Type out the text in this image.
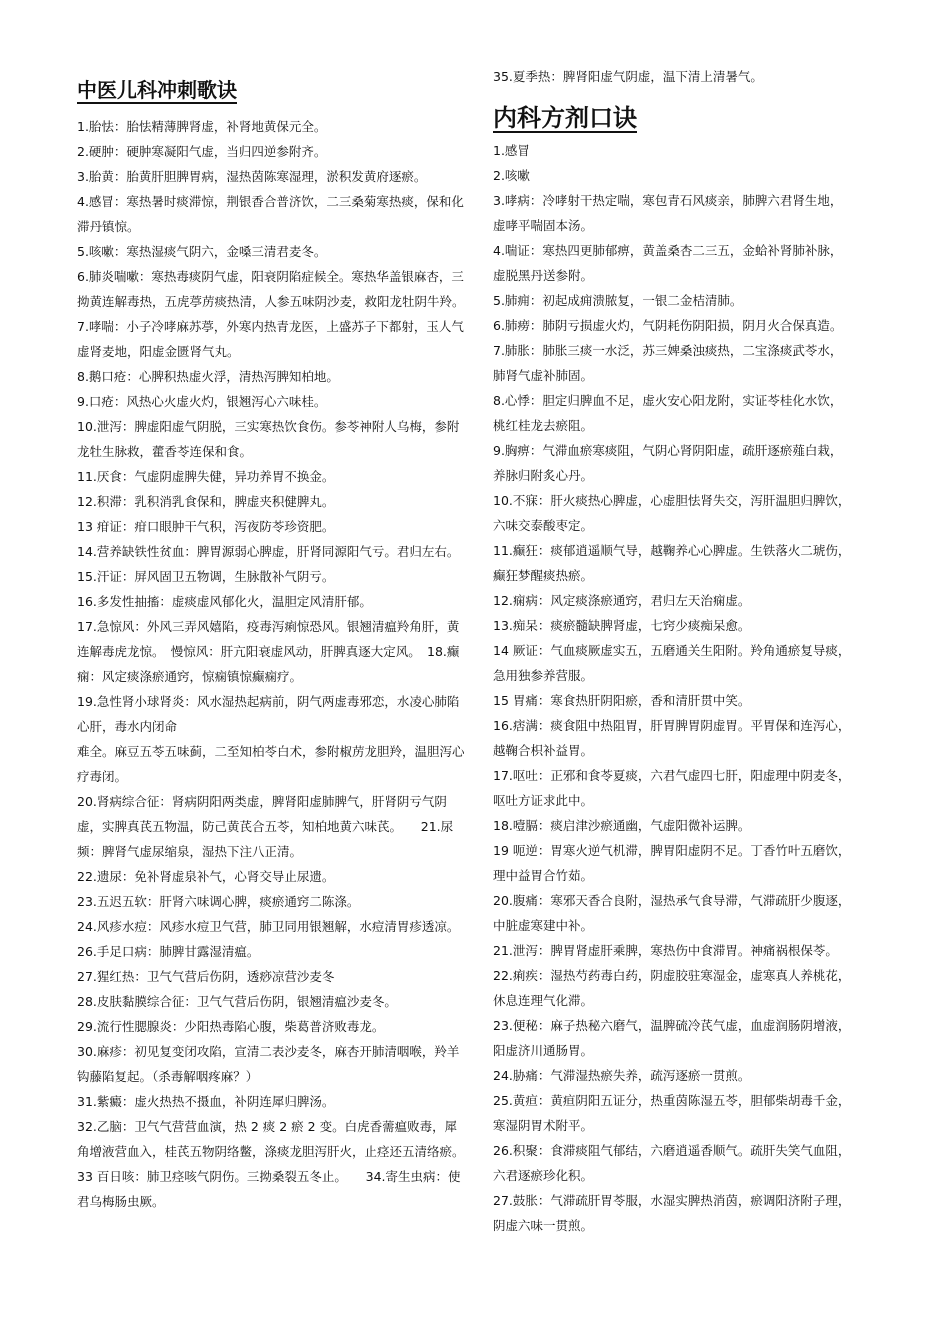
中医儿科冲刺歌诀

1.胎怯：胎怯精薄脾肾虚，补肾地黄保元全。

2.硬肿：硬肿寒凝阳气虚，当归四逆参附齐。

3.胎黄：胎黄肝胆脾胃病，湿热茵陈寒湿理，淤积发黄府逐瘀。

4.感冒：寒热暑时痰滞惊，荆银香合普济饮，二三桑菊寒热痰，保和化滞丹镇惊。

5.咳嗽：寒热湿痰气阴六，金嗓三清君麦冬。

6.肺炎喘嗽：寒热毒痰阴气虚，阳衰阴陷症候全。寒热华盖银麻杏，三拗黄连解毒热，五虎葶苈痰热清，人参五味阴沙麦，救阳龙牡阴牛羚。

7.哮喘：小子冷哮麻苏葶，外寒内热青龙医，上盛苏子下都射，玉人气虚肾麦地，阳虚金匮肾气丸。

8.鹅口疮：心脾积热虚火浮，清热泻脾知柏地。

9.口疮：风热心火虚火灼，银翘泻心六味桂。

10.泄泻：脾虚阳虚气阴脱，三实寒热饮食伤。参苓神附人乌梅，参附龙牡生脉救，藿香苓连保和食。

11.厌食：气虚阴虚脾失健，异功养胃不换金。

12.积滞：乳积消乳食保和，脾虚夹积健脾丸。

13 疳证：疳口眼肿干气积，泻夜防苓珍资肥。

14.营养缺铁性贫血：脾胃源弱心脾虚，肝肾同源阳气亏。君归左右。　　15.汗证：屏风固卫五物调，生脉散补气阴亏。

16.多发性抽搐：虚痰虚风郁化火，温胆定风清肝郁。

17.急惊风：外风三弄风嬉陷，疫毒泻痢惊恐风。银翘清瘟羚角肝，黄连解毒虎龙惊。　慢惊风：肝亢阳衰虚风动，肝脾真逐大定风。　18.癫痫：风定痰涤瘀通窍，惊痫镇惊癫痫疗。

19.急性肾小球肾炎：风水湿热起病前，阴气两虚毒邪恋，水凌心肺陷心肝，毒水内闭命

难全。麻豆五苓五味蓟，二至知柏苓白术，参附椒苈龙胆羚，温胆泻心疗毒闭。

20.肾病综合征：肾病阴阳两类虚，脾肾阳虚肺脾气，肝肾阴亏气阴虚，实脾真芪五物温，防己黄芪合五苓，知柏地黄六味芪。　　21.尿频：脾肾气虚尿缩泉，湿热下注八正清。

22.遗尿：免补肾虚泉补气，心肾交导止尿遗。

23.五迟五软：肝肾六味调心脾，痰瘀通窍二陈涤。

24.风疹水痘：风疹水痘卫气营，肺卫同用银翘解，水痘清胃疹透凉。　　26.手足口病：肺脾甘露湿清瘟。

27.猩红热：卫气气营后伤阴，透痧凉营沙麦冬

28.皮肤黏膜综合征：卫气气营后伤阴，银翘清瘟沙麦冬。

29.流行性腮腺炎：少阳热毒陷心腹，柴葛普济败毒龙。

30.麻疹：初见复变闭攻陷，宣清二表沙麦冬，麻杏开肺清咽喉，羚羊钩藤陷复起。（杀毒解咽疼麻？）

31.紫癜：虚火热热不摄血，补阴连犀归脾汤。

32.乙脑：卫气气营营血演，热 2 痰 2 瘀 2 变。白虎香薷瘟败毒，犀角增液营血入，桂芪五物阴络鳖，涤痰龙胆泻肝火，止痉还五清络瘀。　　33 百日咳：肺卫痉咳气阴伤。三拗桑裂五冬止。　　34.寄生虫病：使君乌梅肠虫厥。

35.夏季热：脾肾阳虚气阴虚，温下清上清暑气。
内科方剂口诀

1.感冒

2.咳嗽

3.哮病：冷哮射干热定喘，寒包青石风痰亲，肺脾六君肾生地，虚哮平喘固本汤。

4.喘证：寒热四更肺郁痹，黄盖桑杏二三五，金蛤补肾肺补脉，虚脱黑丹送参附。

5.肺痈：初起成痈溃脓复，一银二金桔清肺。

6.肺痨：肺阴亏损虚火灼，气阴耗伤阴阳损，阴月火合保真造。

7.肺胀：肺胀三痰一水泛，苏三婢桑浊痰热，二宝涤痰武苓水，肺肾气虚补肺固。

8.心悸：胆定归脾血不足，虚火安心阳龙附，实证苓桂化水饮，桃红桂龙去瘀阻。

9.胸痹：气滞血瘀寒痰阻，气阴心肾阴阳虚，疏肝逐瘀薤白栽，养脉归附炙心丹。

10.不寐：肝火痰热心脾虚，心虚胆怯肾失交，泻肝温胆归脾饮，六味交泰酸枣定。

11.癫狂：痰郁逍遥顺气导，越鞠养心心脾虚。生铁落火二琥伤，癫狂梦醒痰热瘀。

12.痫病：风定痰涤瘀通窍，君归左天治痫虚。

13.痴呆：痰瘀髓缺脾肾虚，七窍少痰痴呆愈。

14 厥证：气血痰厥虚实五，五磨通关生阳附。羚角通瘀复导痰，急用独参养营服。

15 胃痛：寒食热肝阴阳瘀，香和清肝贯中笑。

16.痞满：痰食阻中热阻胃，肝胃脾胃阴虚胃。平胃保和连泻心，越鞠合枳补益胃。

17.呕吐：正邪和食苓夏痰，六君气虚四七肝，阳虚理中阴麦冬，呕吐方证求此中。

18.噎膈：痰启津沙瘀通幽，气虚阳微补运脾。

19 呃逆：胃寒火逆气机滞，脾胃阳虚阴不足。丁香竹叶五磨饮，理中益胃合竹茹。

20.腹痛：寒邪天香合良附，湿热承气食导滞，气滞疏肝少腹逐，中脏虚寒建中补。

21.泄泻：脾胃肾虚肝乘脾，寒热伤中食滞胃。神痛祸根保苓。　　22.痢疾：湿热芍药毒白药，阴虚胶驻寒湿金，虚寒真人养桃花，休息连理气化滞。

23.便秘：麻子热秘六磨气，温脾硫冷芪气虚，血虚润肠阴增液，阳虚济川通肠胃。

24.胁痛：气滞湿热瘀失养，疏泻逐瘀一贯煎。

25.黄疸：黄疸阴阳五证分，热重茵陈湿五苓，胆郁柴胡毒千金，寒湿阴胃术附平。

26.积聚：食滞痰阻气郁结，六磨逍遥香顺气。疏肝失笑气血阻，六君逐瘀珍化积。

27.鼓胀：气滞疏肝胃苓服，水湿实脾热消茵，瘀调阳济附子理，阴虚六味一贯煎。
